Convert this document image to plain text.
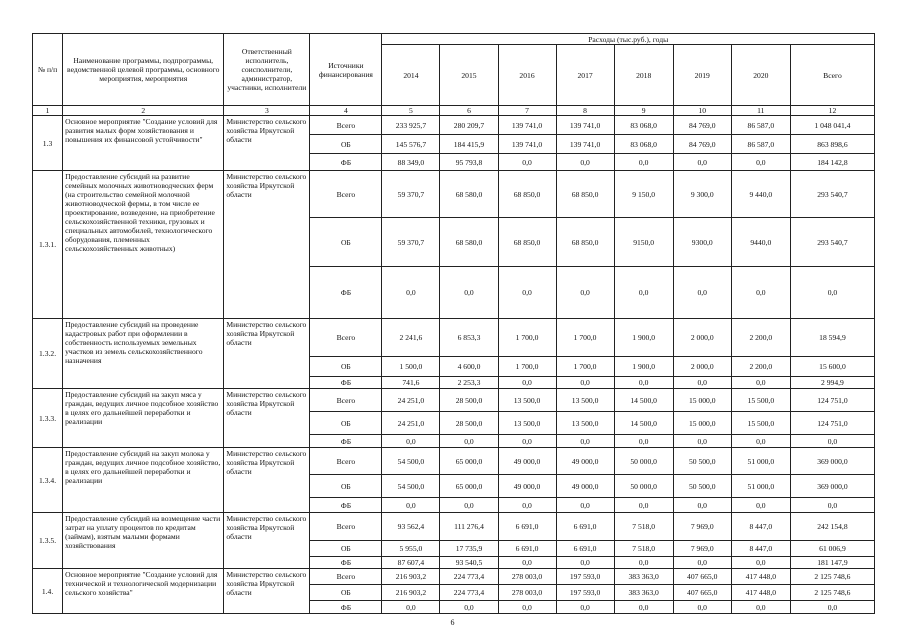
№ п/п	Наименование программы, подпрограммы, ведомственной целевой программы, основного мероприятия, мероприятия	Ответственный исполнитель, соисполнители, администратор, участники, исполнители	Источники финансирования	Расходы (тыс.руб.), годы							
				2014	2015	2016	2017	2018	2019	2020	Всего
1	2	3	4	5	6	7	8	9	10	11	12
1.3	Основное мероприятие "Создание условий для развития малых форм хозяйствования и повышения их финансовой устойчивости"	Министерство сельского хозяйства Иркутской области	Всего	233 925,7	280 209,7	139 741,0	139 741,0	83 068,0	84 769,0	86 587,0	1 048 041,4
			ОБ	145 576,7	184 415,9	139 741,0	139 741,0	83 068,0	84 769,0	86 587,0	863 898,6
			ФБ	88 349,0	95 793,8	0,0	0,0	0,0	0,0	0,0	184 142,8
1.3.1.	Предоставление субсидий на развитие семейных молочных животноводческих ферм (на строительство семейной молочной животноводческой фермы, в том числе ее проектирование, возведение, на приобретение сельскохозяйственной техники, грузовых и специальных автомобилей, технологического оборудования, племенных сельскохозяйственных животных)	Министерство сельского хозяйства Иркутской области	Всего	59 370,7	68 580,0	68 850,0	68 850,0	9 150,0	9 300,0	9 440,0	293 540,7
			ОБ	59 370,7	68 580,0	68 850,0	68 850,0	9150,0	9300,0	9440,0	293 540,7
			ФБ	0,0	0,0	0,0	0,0	0,0	0,0	0,0	0,0
1.3.2.	Предоставление субсидий на проведение кадастровых работ при оформлении в собственность используемых земельных участков из земель сельскохозяйственного назначения	Министерство сельского хозяйства Иркутской области	Всего	2 241,6	6 853,3	1 700,0	1 700,0	1 900,0	2 000,0	2 200,0	18 594,9
			ОБ	1 500,0	4 600,0	1 700,0	1 700,0	1 900,0	2 000,0	2 200,0	15 600,0
			ФБ	741,6	2 253,3	0,0	0,0	0,0	0,0	0,0	2 994,9
1.3.3.	Предоставление субсидий на закуп мяса у граждан, ведущих личное подсобное хозяйство в целях его дальнейшей переработки и реализации	Министерство сельского хозяйства Иркутской области	Всего	24 251,0	28 500,0	13 500,0	13 500,0	14 500,0	15 000,0	15 500,0	124 751,0
			ОБ	24 251,0	28 500,0	13 500,0	13 500,0	14 500,0	15 000,0	15 500,0	124 751,0
			ФБ	0,0	0,0	0,0	0,0	0,0	0,0	0,0	0,0
1.3.4.	Предоставление субсидий на закуп молока у граждан, ведущих личное подсобное хозяйство, в целях его дальнейшей переработки и реализации	Министерство сельского хозяйства Иркутской области	Всего	54 500,0	65 000,0	49 000,0	49 000,0	50 000,0	50 500,0	51 000,0	369 000,0
			ОБ	54 500,0	65 000,0	49 000,0	49 000,0	50 000,0	50 500,0	51 000,0	369 000,0
			ФБ	0,0	0,0	0,0	0,0	0,0	0,0	0,0	0,0
1.3.5.	Предоставление субсидий на возмещение части затрат на уплату процентов по кредитам (займам), взятым малыми формами хозяйствования	Министерство сельского хозяйства Иркутской области	Всего	93 562,4	111 276,4	6 691,0	6 691,0	7 518,0	7 969,0	8 447,0	242 154,8
			ОБ	5 955,0	17 735,9	6 691,0	6 691,0	7 518,0	7 969,0	8 447,0	61 006,9
			ФБ	87 607,4	93 540,5	0,0	0,0	0,0	0,0	0,0	181 147,9
1.4.	Основное мероприятие "Создание условий для технической и технологической модернизации сельского хозяйства"	Министерство сельского хозяйства Иркутской области	Всего	216 903,2	224 773,4	278 003,0	197 593,0	383 363,0	407 665,0	417 448,0	2 125 748,6
			ОБ	216 903,2	224 773,4	278 003,0	197 593,0	383 363,0	407 665,0	417 448,0	2 125 748,6
			ФБ	0,0	0,0	0,0	0,0	0,0	0,0	0,0	0,0
6
